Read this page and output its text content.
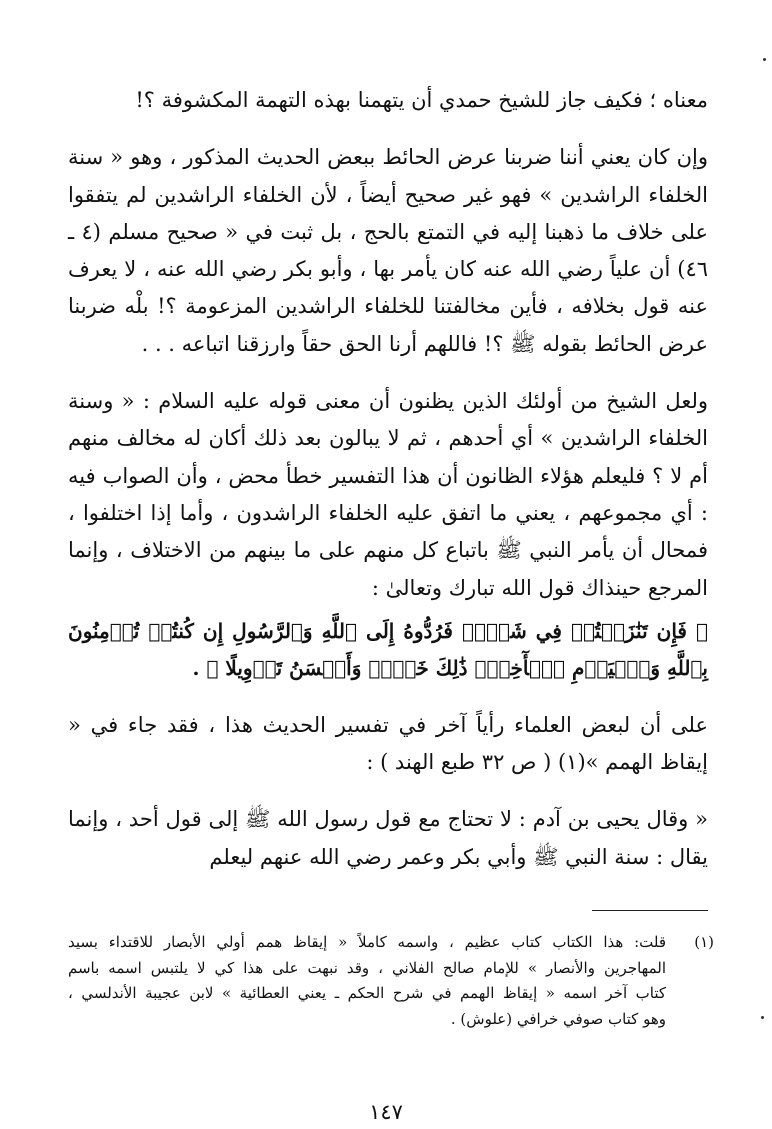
معناه ؛ فكيف جاز للشيخ حمدي أن يتهمنا بهذه التهمة المكشوفة ؟!

وإن كان يعني أننا ضربنا عرض الحائط ببعض الحديث المذكور ، وهو « سنة الخلفاء الراشدين » فهو غير صحيح أيضاً ، لأن الخلفاء الراشدين لم يتفقوا على خلاف ما ذهبنا إليه في التمتع بالحج ، بل ثبت في « صحيح مسلم (٤ ـ ٤٦) أن علياً رضي الله عنه كان يأمر بها ، وأبو بكر رضي الله عنه ، لا يعرف عنه قول بخلافه ، فأين مخالفتنا للخلفاء الراشدين المزعومة ؟! بلْه ضربنا عرض الحائط بقوله ﷺ ؟! فاللهم أرنا الحق حقاً وارزقنا اتباعه . . .

ولعل الشيخ من أولئك الذين يظنون أن معنى قوله عليه السلام : « وسنة الخلفاء الراشدين » أي أحدهم ، ثم لا يبالون بعد ذلك أكان له مخالف منهم أم لا ؟ فليعلم هؤلاء الظانون أن هذا التفسير خطأ محض ، وأن الصواب فيه : أي مجموعهم ، يعني ما اتفق عليه الخلفاء الراشدون ، وأما إذا اختلفوا ، فمحال أن يأمر النبي ﷺ باتباع كل منهم على ما بينهم من الاختلاف ، وإنما المرجع حينذاك قول الله تبارك وتعالىٰ :

﴿ فَإِن تَنَٰزَعۡتُمۡ فِي شَيۡءٖ فَرُدُّوهُ إِلَى ٱللَّهِ وَٱلرَّسُولِ إِن كُنتُمۡ تُؤۡمِنُونَ بِٱللَّهِ وَٱلۡيَوۡمِ ٱلۡأٓخِرِۚ ذَٰلِكَ خَيۡرٞ وَأَحۡسَنُ تَأۡوِيلًا ﴾ .

على أن لبعض العلماء رأياً آخر في تفسير الحديث هذا ، فقد جاء في « إيقاظ الهمم »(١) ( ص ٣٢ طبع الهند ) :

« وقال يحيى بن آدم : لا تحتاج مع قول رسول الله ﷺ إلى قول أحد ، وإنما يقال : سنة النبي ﷺ وأبي بكر وعمر رضي الله عنهم ليعلم

(١)
قلت: هذا الكتاب كتاب عظيم ، واسمه كاملاً « إيقاظ همم أولي الأبصار للاقتداء بسيد
المهاجرين والأنصار » للإمام صالح الفلاني ، وقد نبهت على هذا كي لا يلتبس اسمه باسم
كتاب آخر اسمه « إيقاظ الهمم في شرح الحكم ـ يعني العطائية » لابن عجيبة الأندلسي ،
وهو كتاب صوفي خرافي (علوش) .
١٤٧
